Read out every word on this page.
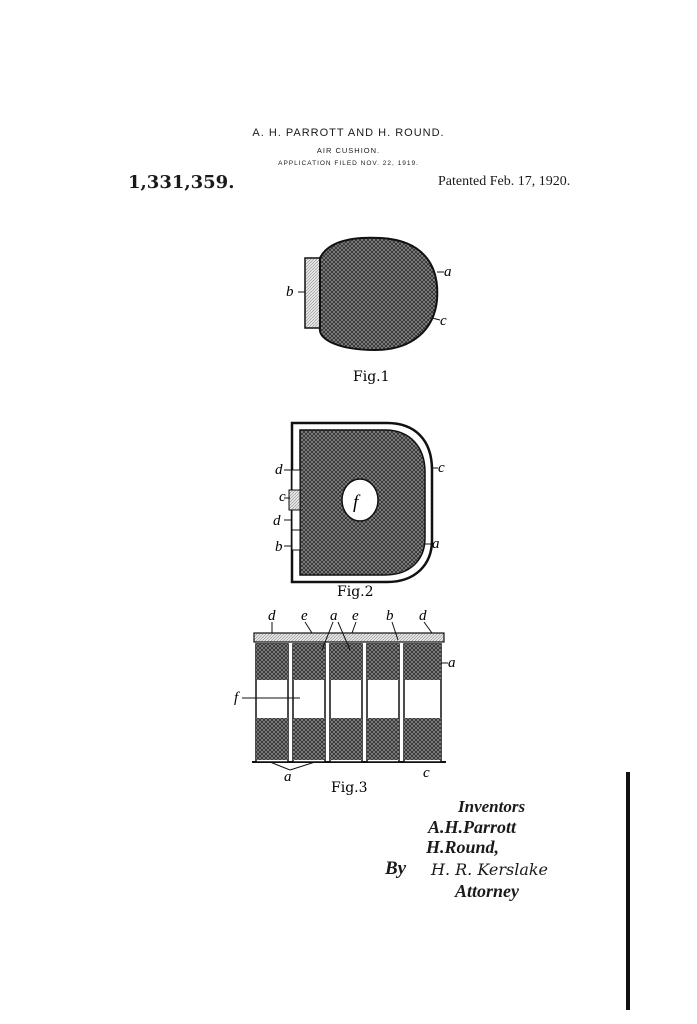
A. H. PARROTT AND H. ROUND.
AIR CUSHION.
APPLICATION FILED NOV. 22, 1919.
1,331,359.	Patented Feb. 17, 1920.
a
b
c
Fig.1
c
a
f
d
c
d
b
Fig.2
d e a e b d
a
f
a	c
Fig.3
Inventors
A.H.Parrott
H.Round,
By H. R. Kerslake
Attorney
